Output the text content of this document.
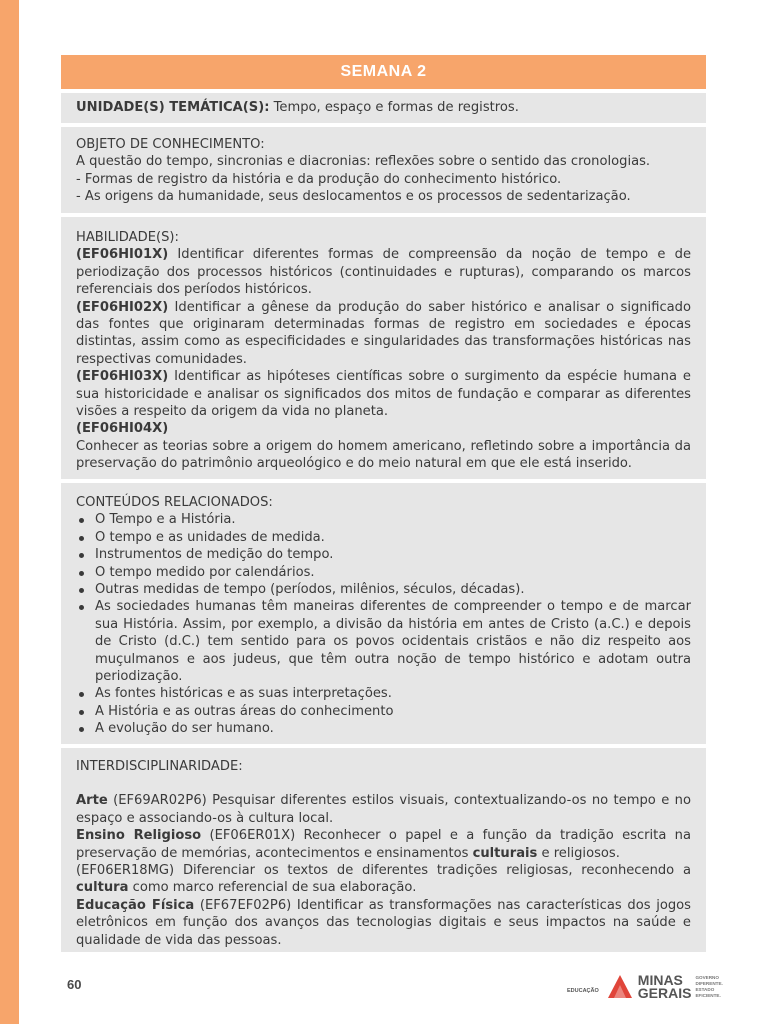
SEMANA 2
UNIDADE(S) TEMÁTICA(S): Tempo, espaço e formas de registros.
OBJETO DE CONHECIMENTO:
A questão do tempo, sincronias e diacronias: reflexões sobre o sentido das cronologias.
- Formas de registro da história e da produção do conhecimento histórico.
- As origens da humanidade, seus deslocamentos e os processos de sedentarização.
HABILIDADE(S):
(EF06HI01X) Identificar diferentes formas de compreensão da noção de tempo e de periodização dos processos históricos (continuidades e rupturas), comparando os marcos referenciais dos períodos históricos.
(EF06HI02X) Identificar a gênese da produção do saber histórico e analisar o significado das fontes que originaram determinadas formas de registro em sociedades e épocas distintas, assim como as especificidades e singularidades das transformações históricas nas respectivas comunidades.
(EF06HI03X) Identificar as hipóteses científicas sobre o surgimento da espécie humana e sua historicidade e analisar os significados dos mitos de fundação e comparar as diferentes visões a respeito da origem da vida no planeta.
(EF06HI04X)
Conhecer as teorias sobre a origem do homem americano, refletindo sobre a importância da preservação do patrimônio arqueológico e do meio natural em que ele está inserido.
CONTEÚDOS RELACIONADOS:
O Tempo e a História.
O tempo e as unidades de medida.
Instrumentos de medição do tempo.
O tempo medido por calendários.
Outras medidas de tempo (períodos, milênios, séculos, décadas).
As sociedades humanas têm maneiras diferentes de compreender o tempo e de marcar sua História. Assim, por exemplo, a divisão da história em antes de Cristo (a.C.) e depois de Cristo (d.C.) tem sentido para os povos ocidentais cristãos e não diz respeito aos muçulmanos e aos judeus, que têm outra noção de tempo histórico e adotam outra periodização.
As fontes históricas e as suas interpretações.
A História e as outras áreas do conhecimento
A evolução do ser humano.
INTERDISCIPLINARIDADE:
Arte (EF69AR02P6) Pesquisar diferentes estilos visuais, contextualizando-os no tempo e no espaço e associando-os à cultura local.
Ensino Religioso (EF06ER01X) Reconhecer o papel e a função da tradição escrita na preservação de memórias, acontecimentos e ensinamentos culturais e religiosos.
(EF06ER18MG) Diferenciar os textos de diferentes tradições religiosas, reconhecendo a cultura como marco referencial de sua elaboração.
Educação Física (EF67EF02P6) Identificar as transformações nas características dos jogos eletrônicos em função dos avanços das tecnologias digitais e seus impactos na saúde e qualidade de vida das pessoas.
60	EDUCAÇÃO
MINAS
GERAIS
GOVERNO
DIFERENTE.
ESTADO
EFICIENTE.
